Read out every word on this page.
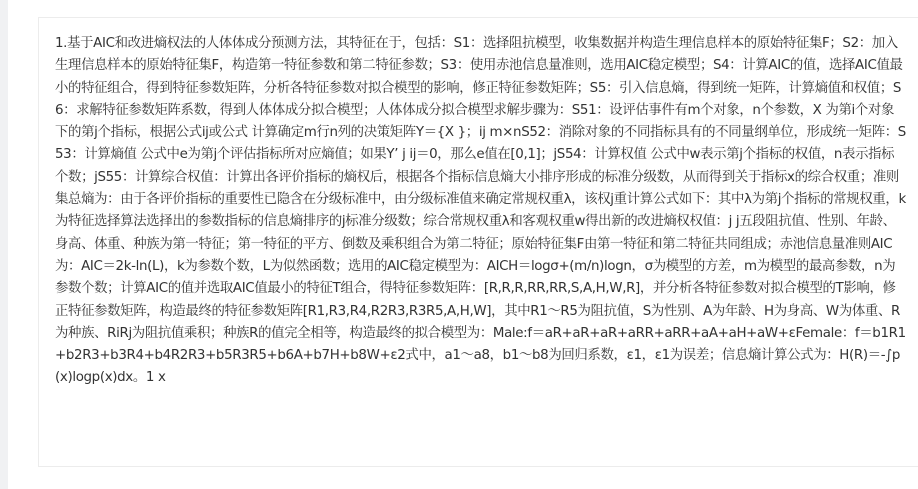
1.基于AIC和改进熵权法的人体体成分预测方法，其特征在于，包括：S1：选择阻抗模型，收集数据并构造生理信息样本的原始特征集F；S2：加入生理信息样本的原始特征集F，构造第一特征参数和第二特征参数；S3：使用赤池信息量准则，选用AIC稳定模型；S4：计算AIC的值，选择AIC值最小的特征组合，得到特征参数矩阵，分析各特征参数对拟合模型的影响，修正特征参数矩阵；S5：引入信息熵，得到统一矩阵，计算熵值和权值；S6：求解特征参数矩阵系数，得到人体体成分拟合模型；人体体成分拟合模型求解步骤为：S51：设评估事件有m个对象，n个参数，X 为第i个对象下的第j个指标，根据公式ij或公式 计算确定m行n列的决策矩阵Y＝{X }；ij m×nS52：消除对象的不同指标具有的不同量纲单位，形成统一矩阵：S53：计算熵值 公式中e为第j个评估指标所对应熵值；如果Y’ j ij＝0，那么e值在[0,1]；jS54：计算权值 公式中w表示第j个指标的权值，n表示指标个数；jS55：计算综合权值：计算出各评价指标的熵权后，根据各个指标信息熵大小排序形成的标准分级数，从而得到关于指标x的综合权重；准则集总熵为：由于各评价指标的重要性已隐含在分级标准中，由分级标准值来确定常规权重λ，该权j重计算公式如下：其中λ为第j个指标的常规权重，k为特征选择算法选择出的参数指标的信息熵排序的j标准分级数；综合常规权重λ和客观权重w得出新的改进熵权权值：j j五段阻抗值、性别、年龄、身高、体重、种族为第一特征；第一特征的平方、倒数及乘积组合为第二特征；原始特征集F由第一特征和第二特征共同组成；赤池信息量准则AIC为：AIC＝2k-ln(L)，k为参数个数，L为似然函数；选用的AIC稳定模型为：AICH＝logσ+(m/n)logn，σ为模型的方差，m为模型的最高参数，n为参数个数；计算AIC的值并选取AIC值最小的特征T组合，得特征参数矩阵：[R,R,R,RR,RR,S,A,H,W,R]，并分析各特征参数对拟合模型的T影响，修正特征参数矩阵，构造最终的特征参数矩阵[R1,R3,R4,R2R3,R3R5,A,H,W]，其中R1～R5为阻抗值，S为性别、A为年龄、H为身高、W为体重、R为种族、RiRj为阻抗值乘积；种族R的值完全相等，构造最终的拟合模型为：Male:f＝aR+aR+aR+aRR+aRR+aA+aH+aW+εFemale：f＝b1R1+b2R3+b3R4+b4R2R3+b5R3R5+b6A+b7H+b8W+ε2式中，a1～a8，b1～b8为回归系数，ε1，ε1为误差；信息熵计算公式为：H(R)＝-∫p(x)logp(x)dx。1 x
